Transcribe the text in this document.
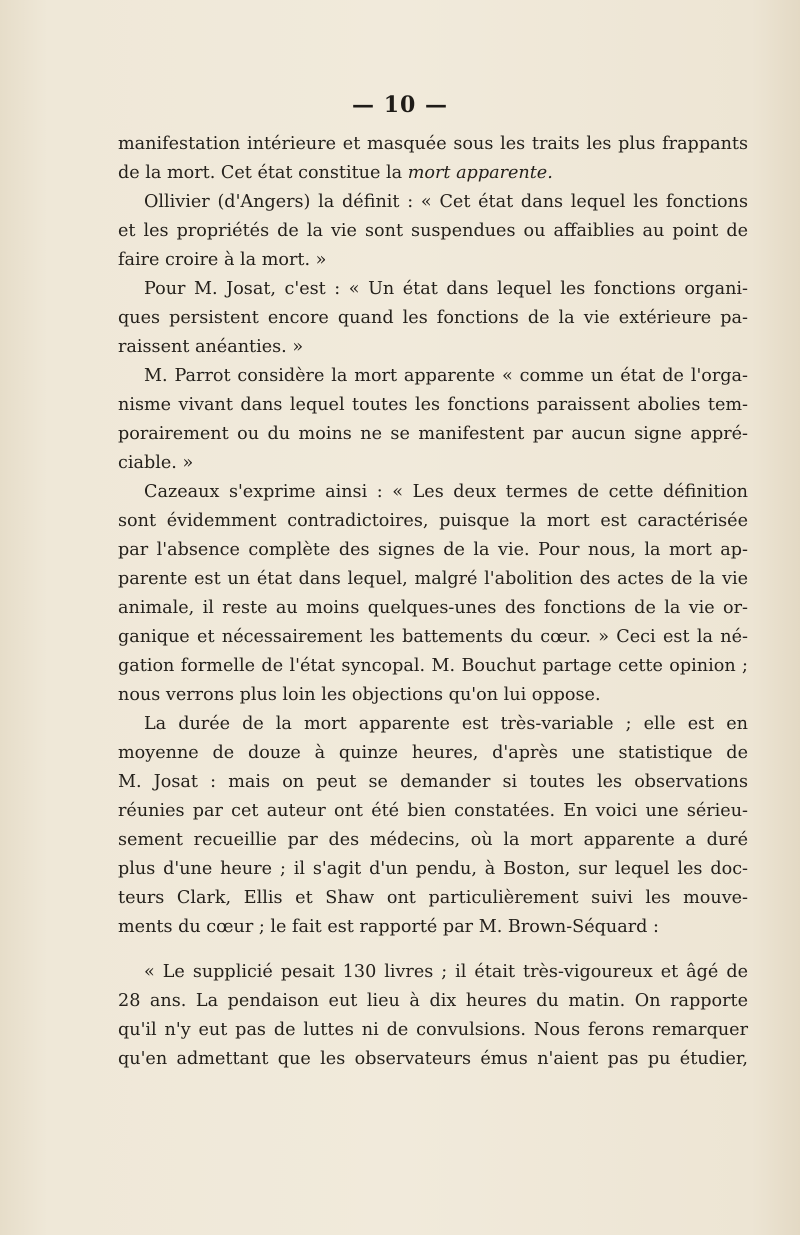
— 10 —
manifestation intérieure et masquée sous les traits les plus frappants
de la mort. Cet état constitue la mort apparente.
Ollivier (d'Angers) la définit : « Cet état dans lequel les fonctions
et les propriétés de la vie sont suspendues ou affaiblies au point de
faire croire à la mort. »
Pour M. Josat, c'est : « Un état dans lequel les fonctions organi-
ques persistent encore quand les fonctions de la vie extérieure pa-
raissent anéanties. »
M. Parrot considère la mort apparente « comme un état de l'orga-
nisme vivant dans lequel toutes les fonctions paraissent abolies tem-
porairement ou du moins ne se manifestent par aucun signe appré-
ciable. »
Cazeaux s'exprime ainsi : « Les deux termes de cette définition
sont évidemment contradictoires, puisque la mort est caractérisée
par l'absence complète des signes de la vie. Pour nous, la mort ap-
parente est un état dans lequel, malgré l'abolition des actes de la vie
animale, il reste au moins quelques-unes des fonctions de la vie or-
ganique et nécessairement les battements du cœur. » Ceci est la né-
gation formelle de l'état syncopal. M. Bouchut partage cette opinion ;
nous verrons plus loin les objections qu'on lui oppose.
La durée de la mort apparente est très-variable ; elle est en
moyenne de douze à quinze heures, d'après une statistique de
M. Josat : mais on peut se demander si toutes les observations
réunies par cet auteur ont été bien constatées. En voici une sérieu-
sement recueillie par des médecins, où la mort apparente a duré
plus d'une heure ; il s'agit d'un pendu, à Boston, sur lequel les doc-
teurs Clark, Ellis et Shaw ont particulièrement suivi les mouve-
ments du cœur ; le fait est rapporté par M. Brown-Séquard :
« Le supplicié pesait 130 livres ; il était très-vigoureux et âgé de
28 ans. La pendaison eut lieu à dix heures du matin. On rapporte
qu'il n'y eut pas de luttes ni de convulsions. Nous ferons remarquer
qu'en admettant que les observateurs émus n'aient pas pu étudier,
